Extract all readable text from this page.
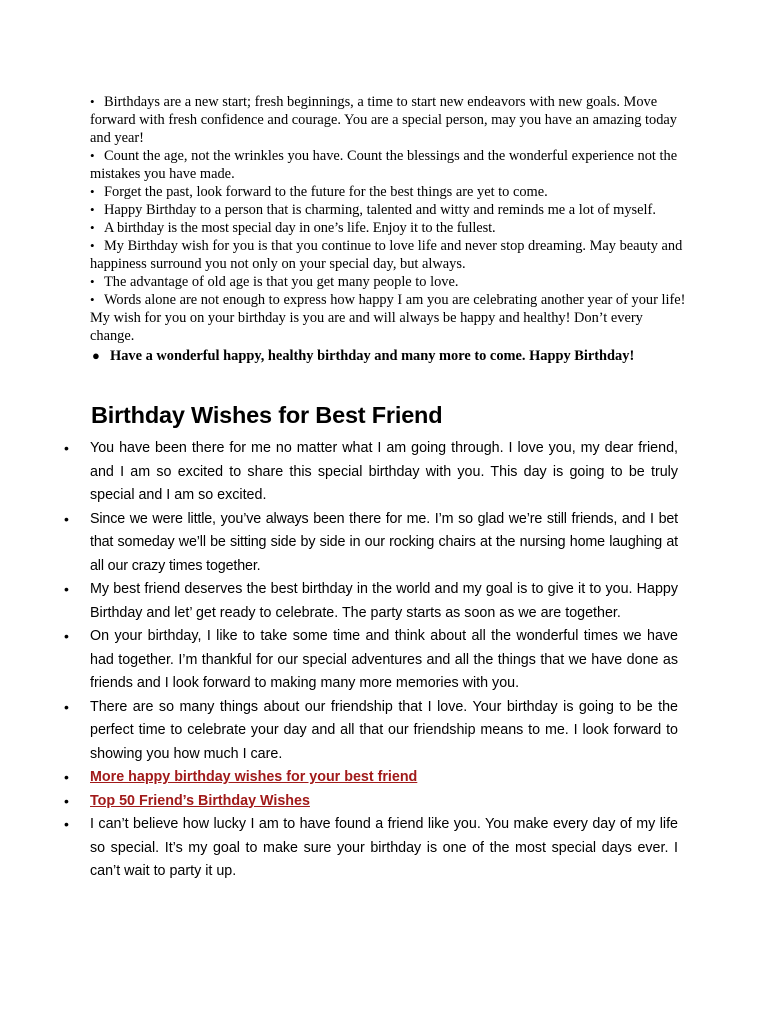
• Birthdays are a new start; fresh beginnings, a time to start new endeavors with new goals. Move forward with fresh confidence and courage. You are a special person, may you have an amazing today and year!
• Count the age, not the wrinkles you have. Count the blessings and the wonderful experience not the mistakes you have made.
• Forget the past, look forward to the future for the best things are yet to come.
• Happy Birthday to a person that is charming, talented and witty and reminds me a lot of myself.
• A birthday is the most special day in one’s life. Enjoy it to the fullest.
• My Birthday wish for you is that you continue to love life and never stop dreaming. May beauty and happiness surround you not only on your special day, but always.
• The advantage of old age is that you get many people to love.
• Words alone are not enough to express how happy I am you are celebrating another year of your life! My wish for you on your birthday is you are and will always be happy and healthy! Don’t every change.
● Have a wonderful happy, healthy birthday and many more to come. Happy Birthday!
Birthday Wishes for Best Friend
• You have been there for me no matter what I am going through. I love you, my dear friend, and I am so excited to share this special birthday with you. This day is going to be truly special and I am so excited.
• Since we were little, you’ve always been there for me. I’m so glad we’re still friends, and I bet that someday we’ll be sitting side by side in our rocking chairs at the nursing home laughing at all our crazy times together.
• My best friend deserves the best birthday in the world and my goal is to give it to you. Happy Birthday and let’ get ready to celebrate. The party starts as soon as we are together.
• On your birthday, I like to take some time and think about all the wonderful times we have had together. I’m thankful for our special adventures and all the things that we have done as friends and I look forward to making many more memories with you.
• There are so many things about our friendship that I love. Your birthday is going to be the perfect time to celebrate your day and all that our friendship means to me. I look forward to showing you how much I care.
• More happy birthday wishes for your best friend
• Top 50 Friend’s Birthday Wishes
• I can’t believe how lucky I am to have found a friend like you. You make every day of my life so special. It’s my goal to make sure your birthday is one of the most special days ever. I can’t wait to party it up.
